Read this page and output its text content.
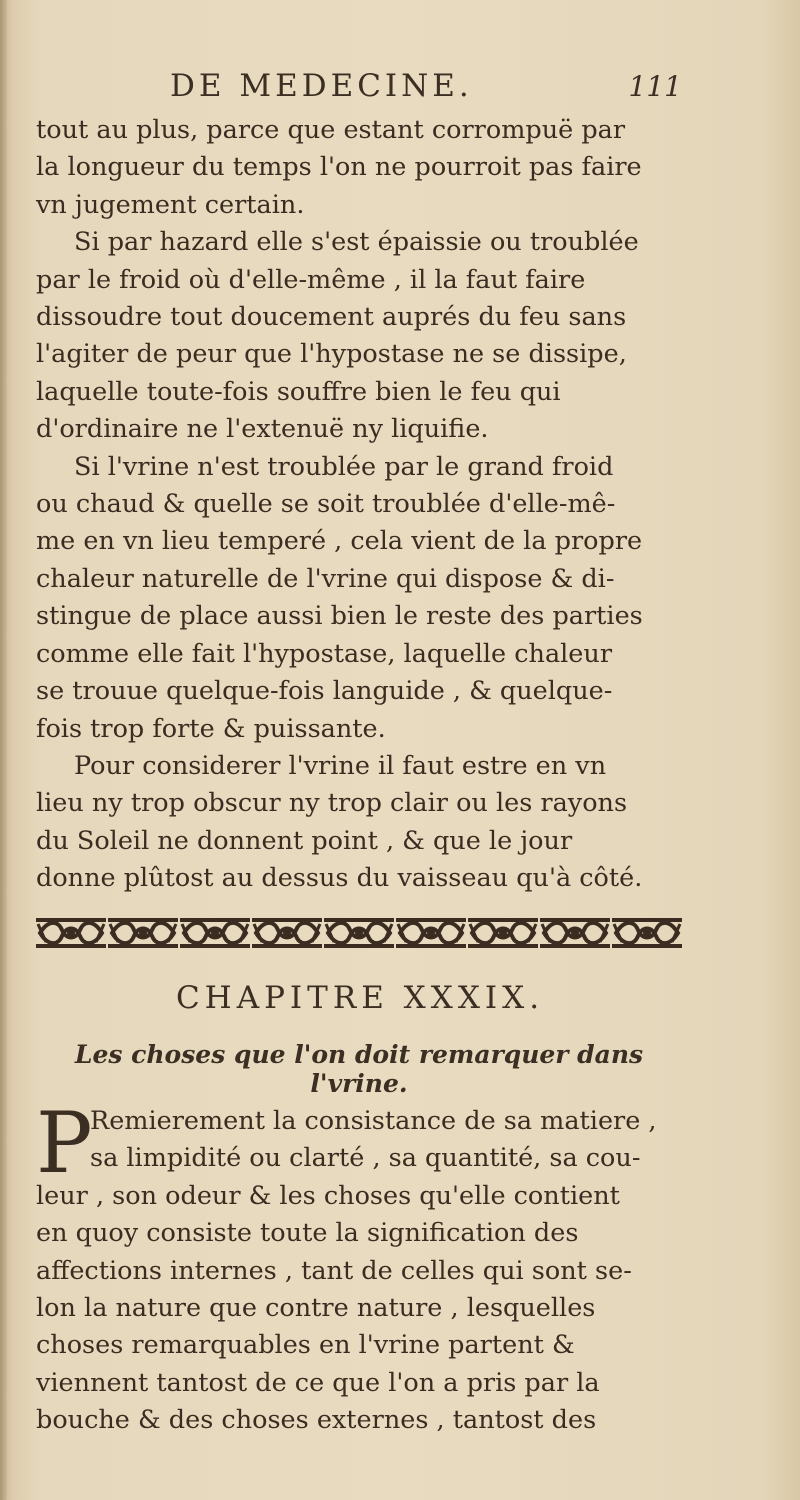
DE MEDECINE.	111
tout au plus, parce que estant corrompuë par
la longueur du temps l'on ne pourroit pas faire
vn jugement certain.
Si par hazard elle s'est épaissie ou troublée
par le froid où d'elle-même , il la faut faire
dissoudre tout doucement auprés du feu sans
l'agiter de peur que l'hypostase ne se dissipe,
laquelle toute-fois souffre bien le feu qui
d'ordinaire ne l'extenuë ny liquifie.
Si l'vrine n'est troublée par le grand froid
ou chaud & quelle se soit troublée d'elle-mê-
me en vn lieu temperé , cela vient de la propre
chaleur naturelle de l'vrine qui dispose & di-
stingue de place aussi bien le reste des parties
comme elle fait l'hypostase, laquelle chaleur
se trouue quelque-fois languide , & quelque-
fois trop forte & puissante.
Pour considerer l'vrine il faut estre en vn
lieu ny trop obscur ny trop clair ou les rayons
du Soleil ne donnent point , & que le jour
donne plûtost au dessus du vaisseau qu'à côté.
CHAPITRE XXXIX.
Les choses que l'on doit remarquer dans l'vrine.
P
Remierement la consistance de sa matiere ,
sa limpidité ou clarté , sa quantité, sa cou-
leur , son odeur & les choses qu'elle contient
en quoy consiste toute la signification des
affections internes , tant de celles qui sont se-
lon la nature que contre nature , lesquelles
choses remarquables en l'vrine partent &
viennent tantost de ce que l'on a pris par la
bouche & des choses externes , tantost des
